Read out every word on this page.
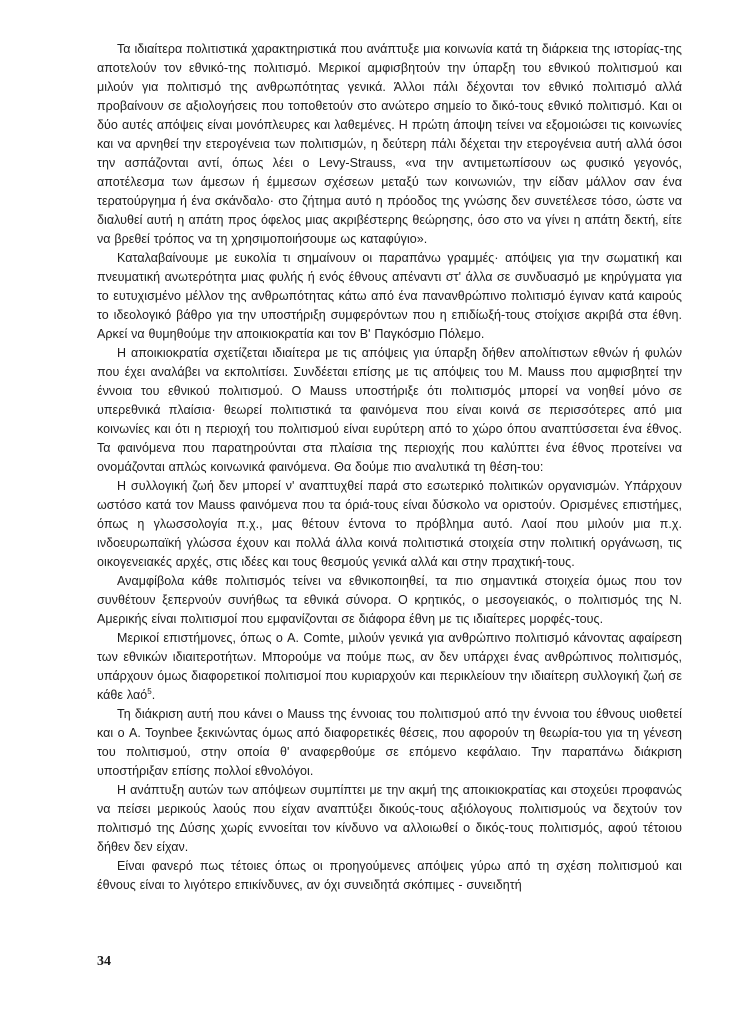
Τα ιδιαίτερα πολιτιστικά χαρακτηριστικά που ανάπτυξε μια κοινωνία κατά τη διάρκεια της ιστορίας-της αποτελούν τον εθνικό-της πολιτισμό. Μερικοί αμφισβητούν την ύπαρξη του εθνικού πολιτισμού και μιλούν για πολιτισμό της ανθρωπότητας γενικά. Άλλοι πάλι δέχονται τον εθνικό πολιτισμό αλλά προβαίνουν σε αξιολογήσεις που τοποθετούν στο ανώτερο σημείο το δικό-τους εθνικό πολιτισμό. Και οι δύο αυτές απόψεις είναι μονόπλευρες και λαθεμένες. Η πρώτη άποψη τείνει να εξομοιώσει τις κοινωνίες και να αρνηθεί την ετερογένεια των πολιτισμών, η δεύτερη πάλι δέχεται την ετερογένεια αυτή αλλά όσοι την ασπάζονται αντί, όπως λέει ο Levy-Strauss, «να την αντιμετωπίσουν ως φυσικό γεγονός, αποτέλεσμα των άμεσων ή έμμεσων σχέσεων μεταξύ των κοινωνιών, την είδαν μάλλον σαν ένα τερατούργημα ή ένα σκάνδαλο· στο ζήτημα αυτό η πρόοδος της γνώσης δεν συνετέλεσε τόσο, ώστε να διαλυθεί αυτή η απάτη προς όφελος μιας ακριβέστερης θεώρησης, όσο στο να γίνει η απάτη δεκτή, είτε να βρεθεί τρόπος να τη χρησιμοποιήσουμε ως καταφύγιο».

Καταλαβαίνουμε με ευκολία τι σημαίνουν οι παραπάνω γραμμές· απόψεις για την σωματική και πνευματική ανωτερότητα μιας φυλής ή ενός έθνους απέναντι στ' άλλα σε συνδυασμό με κηρύγματα για το ευτυχισμένο μέλλον της ανθρωπότητας κάτω από ένα πανανθρώπινο πολιτισμό έγιναν κατά καιρούς το ιδεολογικό βάθρο για την υποστήριξη συμφερόντων που η επιδίωξή-τους στοίχισε ακριβά στα έθνη. Αρκεί να θυμηθούμε την αποικιοκρατία και τον Β' Παγκόσμιο Πόλεμο.

Η αποικιοκρατία σχετίζεται ιδιαίτερα με τις απόψεις για ύπαρξη δήθεν απολίτιστων εθνών ή φυλών που έχει αναλάβει να εκπολιτίσει. Συνδέεται επίσης με τις απόψεις του M. Mauss που αμφισβητεί την έννοια του εθνικού πολιτισμού. Ο Mauss υποστήριξε ότι πολιτισμός μπορεί να νοηθεί μόνο σε υπερεθνικά πλαίσια· θεωρεί πολιτιστικά τα φαινόμενα που είναι κοινά σε περισσότερες από μια κοινωνίες και ότι η περιοχή του πολιτισμού είναι ευρύτερη από το χώρο όπου αναπτύσσεται ένα έθνος. Τα φαινόμενα που παρατηρούνται στα πλαίσια της περιοχής που καλύπτει ένα έθνος προτείνει να ονομάζονται απλώς κοινωνικά φαινόμενα. Θα δούμε πιο αναλυτικά τη θέση-του:

Η συλλογική ζωή δεν μπορεί ν' αναπτυχθεί παρά στο εσωτερικό πολιτικών οργανισμών. Υπάρχουν ωστόσο κατά τον Mauss φαινόμενα που τα όριά-τους είναι δύσκολο να οριστούν. Ορισμένες επιστήμες, όπως η γλωσσολογία π.χ., μας θέτουν έντονα το πρόβλημα αυτό. Λαοί που μιλούν μια π.χ. ινδοευρωπαϊκή γλώσσα έχουν και πολλά άλλα κοινά πολιτιστικά στοιχεία στην πολιτική οργάνωση, τις οικογενειακές αρχές, στις ιδέες και τους θεσμούς γενικά αλλά και στην πραχτική-τους.

Αναμφίβολα κάθε πολιτισμός τείνει να εθνικοποιηθεί, τα πιο σημαντικά στοιχεία όμως που τον συνθέτουν ξεπερνούν συνήθως τα εθνικά σύνορα. Ο κρητικός, ο μεσογειακός, ο πολιτισμός της Ν. Αμερικής είναι πολιτισμοί που εμφανίζονται σε διάφορα έθνη με τις ιδιαίτερες μορφές-τους.

Μερικοί επιστήμονες, όπως ο A. Comte, μιλούν γενικά για ανθρώπινο πολιτισμό κάνοντας αφαίρεση των εθνικών ιδιαιτεροτήτων. Μπορούμε να πούμε πως, αν δεν υπάρχει ένας ανθρώπινος πολιτισμός, υπάρχουν όμως διαφορετικοί πολιτισμοί που κυριαρχούν και περικλείουν την ιδιαίτερη συλλογική ζωή σε κάθε λαό$^5$.

Τη διάκριση αυτή που κάνει ο Mauss της έννοιας του πολιτισμού από την έννοια του έθνους υιοθετεί και ο A. Toynbee ξεκινώντας όμως από διαφορετικές θέσεις, που αφορούν τη θεωρία-του για τη γένεση του πολιτισμού, στην οποία θ' αναφερθούμε σε επόμενο κεφάλαιο. Την παραπάνω διάκριση υποστήριξαν επίσης πολλοί εθνολόγοι.

Η ανάπτυξη αυτών των απόψεων συμπίπτει με την ακμή της αποικιοκρατίας και στοχεύει προφανώς να πείσει μερικούς λαούς που είχαν αναπτύξει δικούς-τους αξιόλογους πολιτισμούς να δεχτούν τον πολιτισμό της Δύσης χωρίς εννοείται τον κίνδυνο να αλλοιωθεί ο δικός-τους πολιτισμός, αφού τέτοιου δήθεν δεν είχαν.

Είναι φανερό πως τέτοιες όπως οι προηγούμενες απόψεις γύρω από τη σχέση πολιτισμού και έθνους είναι το λιγότερο επικίνδυνες, αν όχι συνειδητά σκόπιμες - συνειδητή

34
